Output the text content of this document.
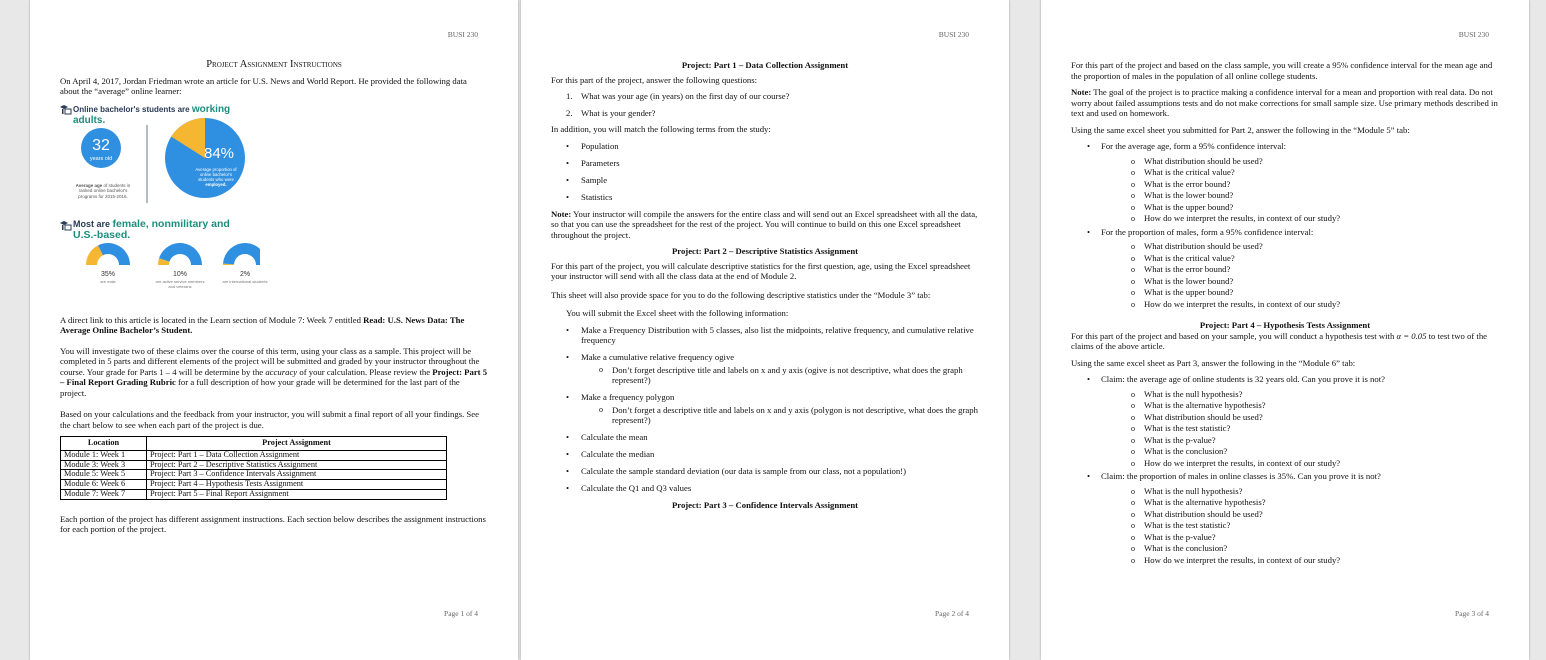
BUSI 230
Project Assignment Instructions

On April 4, 2017, Jordan Friedman wrote an article for U.S. News and World Report. He provided the following data about the “average” online learner:

32
years old	84%
Online bachelor's students are working adults.
Average age of students in ranked online bachelor's programs for 2015-2016.
Average proportion of online bachelor's students who were employed.
Most are female, nonmilitary and U.S.-based.
35%
are male
10%
are active service members and veterans
2%
are international students

A direct link to this article is located in the Learn section of Module 7: Week 7 entitled Read: U.S. News Data: The Average Online Bachelor’s Student.

You will investigate two of these claims over the course of this term, using your class as a sample. This project will be completed in 5 parts and different elements of the project will be submitted and graded by your instructor throughout the course. Your grade for Parts 1 – 4 will be determine by the accuracy of your calculation. Please review the Project: Part 5 – Final Report Grading Rubric for a full description of how your grade will be determined for the last part of the project.

Based on your calculations and the feedback from your instructor, you will submit a final report of all your findings. See the chart below to see when each part of the project is due.

Location	Project Assignment
Module 1: Week 1	Project: Part 1 – Data Collection Assignment
Module 3: Week 3	Project: Part 2 – Descriptive Statistics Assignment
Module 5: Week 5	Project: Part 3 – Confidence Intervals Assignment
Module 6: Week 6	Project: Part 4 – Hypothesis Tests Assignment
Module 7: Week 7	Project: Part 5 – Final Report Assignment

Each portion of the project has different assignment instructions. Each section below describes the assignment instructions for each portion of the project.

Page 1 of 4
BUSI 230
Project: Part 1 – Data Collection Assignment

For this part of the project, answer the following questions:

1. What was your age (in years) on the first day of our course?
2. What is your gender?

In addition, you will match the following terms from the study:

• Population
• Parameters
• Sample
• Statistics

Note: Your instructor will compile the answers for the entire class and will send out an Excel spreadsheet with all the data, so that you can use the spreadsheet for the rest of the project. You will continue to build on this one Excel spreadsheet throughout the project.

Project: Part 2 – Descriptive Statistics Assignment

For this part of the project, you will calculate descriptive statistics for the first question, age, using the Excel spreadsheet your instructor will send with all the class data at the end of Module 2.

This sheet will also provide space for you to do the following descriptive statistics under the “Module 3” tab:

You will submit the Excel sheet with the following information:

• Make a Frequency Distribution with 5 classes, also list the midpoints, relative frequency, and cumulative relative frequency
• Make a cumulative relative frequency ogive
o Don’t forget descriptive title and labels on x and y axis (ogive is not descriptive, what does the graph represent?)
• Make a frequency polygon
o Don’t forget a descriptive title and labels on x and y axis (polygon is not descriptive, what does the graph represent?)
• Calculate the mean
• Calculate the median
• Calculate the sample standard deviation (our data is sample from our class, not a population!)
• Calculate the Q1 and Q3 values
Project: Part 3 – Confidence Intervals Assignment
Page 2 of 4
BUSI 230

For this part of the project and based on the class sample, you will create a 95% confidence interval for the mean age and the proportion of males in the population of all online college students.

Note: The goal of the project is to practice making a confidence interval for a mean and proportion with real data. Do not worry about failed assumptions tests and do not make corrections for small sample size. Use primary methods described in text and used on homework.

Using the same excel sheet you submitted for Part 2, answer the following in the “Module 5” tab:

• For the average age, form a 95% confidence interval:
o What distribution should be used?
o What is the critical value?
o What is the error bound?
o What is the lower bound?
o What is the upper bound?
o How do we interpret the results, in context of our study?
• For the proportion of males, form a 95% confidence interval:
o What distribution should be used?
o What is the critical value?
o What is the error bound?
o What is the lower bound?
o What is the upper bound?
o How do we interpret the results, in context of our study?
Project: Part 4 – Hypothesis Tests Assignment

For this part of the project and based on your sample, you will conduct a hypothesis test with α = 0.05 to test two of the claims of the above article.

Using the same excel sheet as Part 3, answer the following in the “Module 6” tab:

• Claim: the average age of online students is 32 years old. Can you prove it is not?
o What is the null hypothesis?
o What is the alternative hypothesis?
o What distribution should be used?
o What is the test statistic?
o What is the p-value?
o What is the conclusion?
o How do we interpret the results, in context of our study?
• Claim: the proportion of males in online classes is 35%. Can you prove it is not?
o What is the null hypothesis?
o What is the alternative hypothesis?
o What distribution should be used?
o What is the test statistic?
o What is the p-value?
o What is the conclusion?
o How do we interpret the results, in context of our study?
Page 3 of 4
